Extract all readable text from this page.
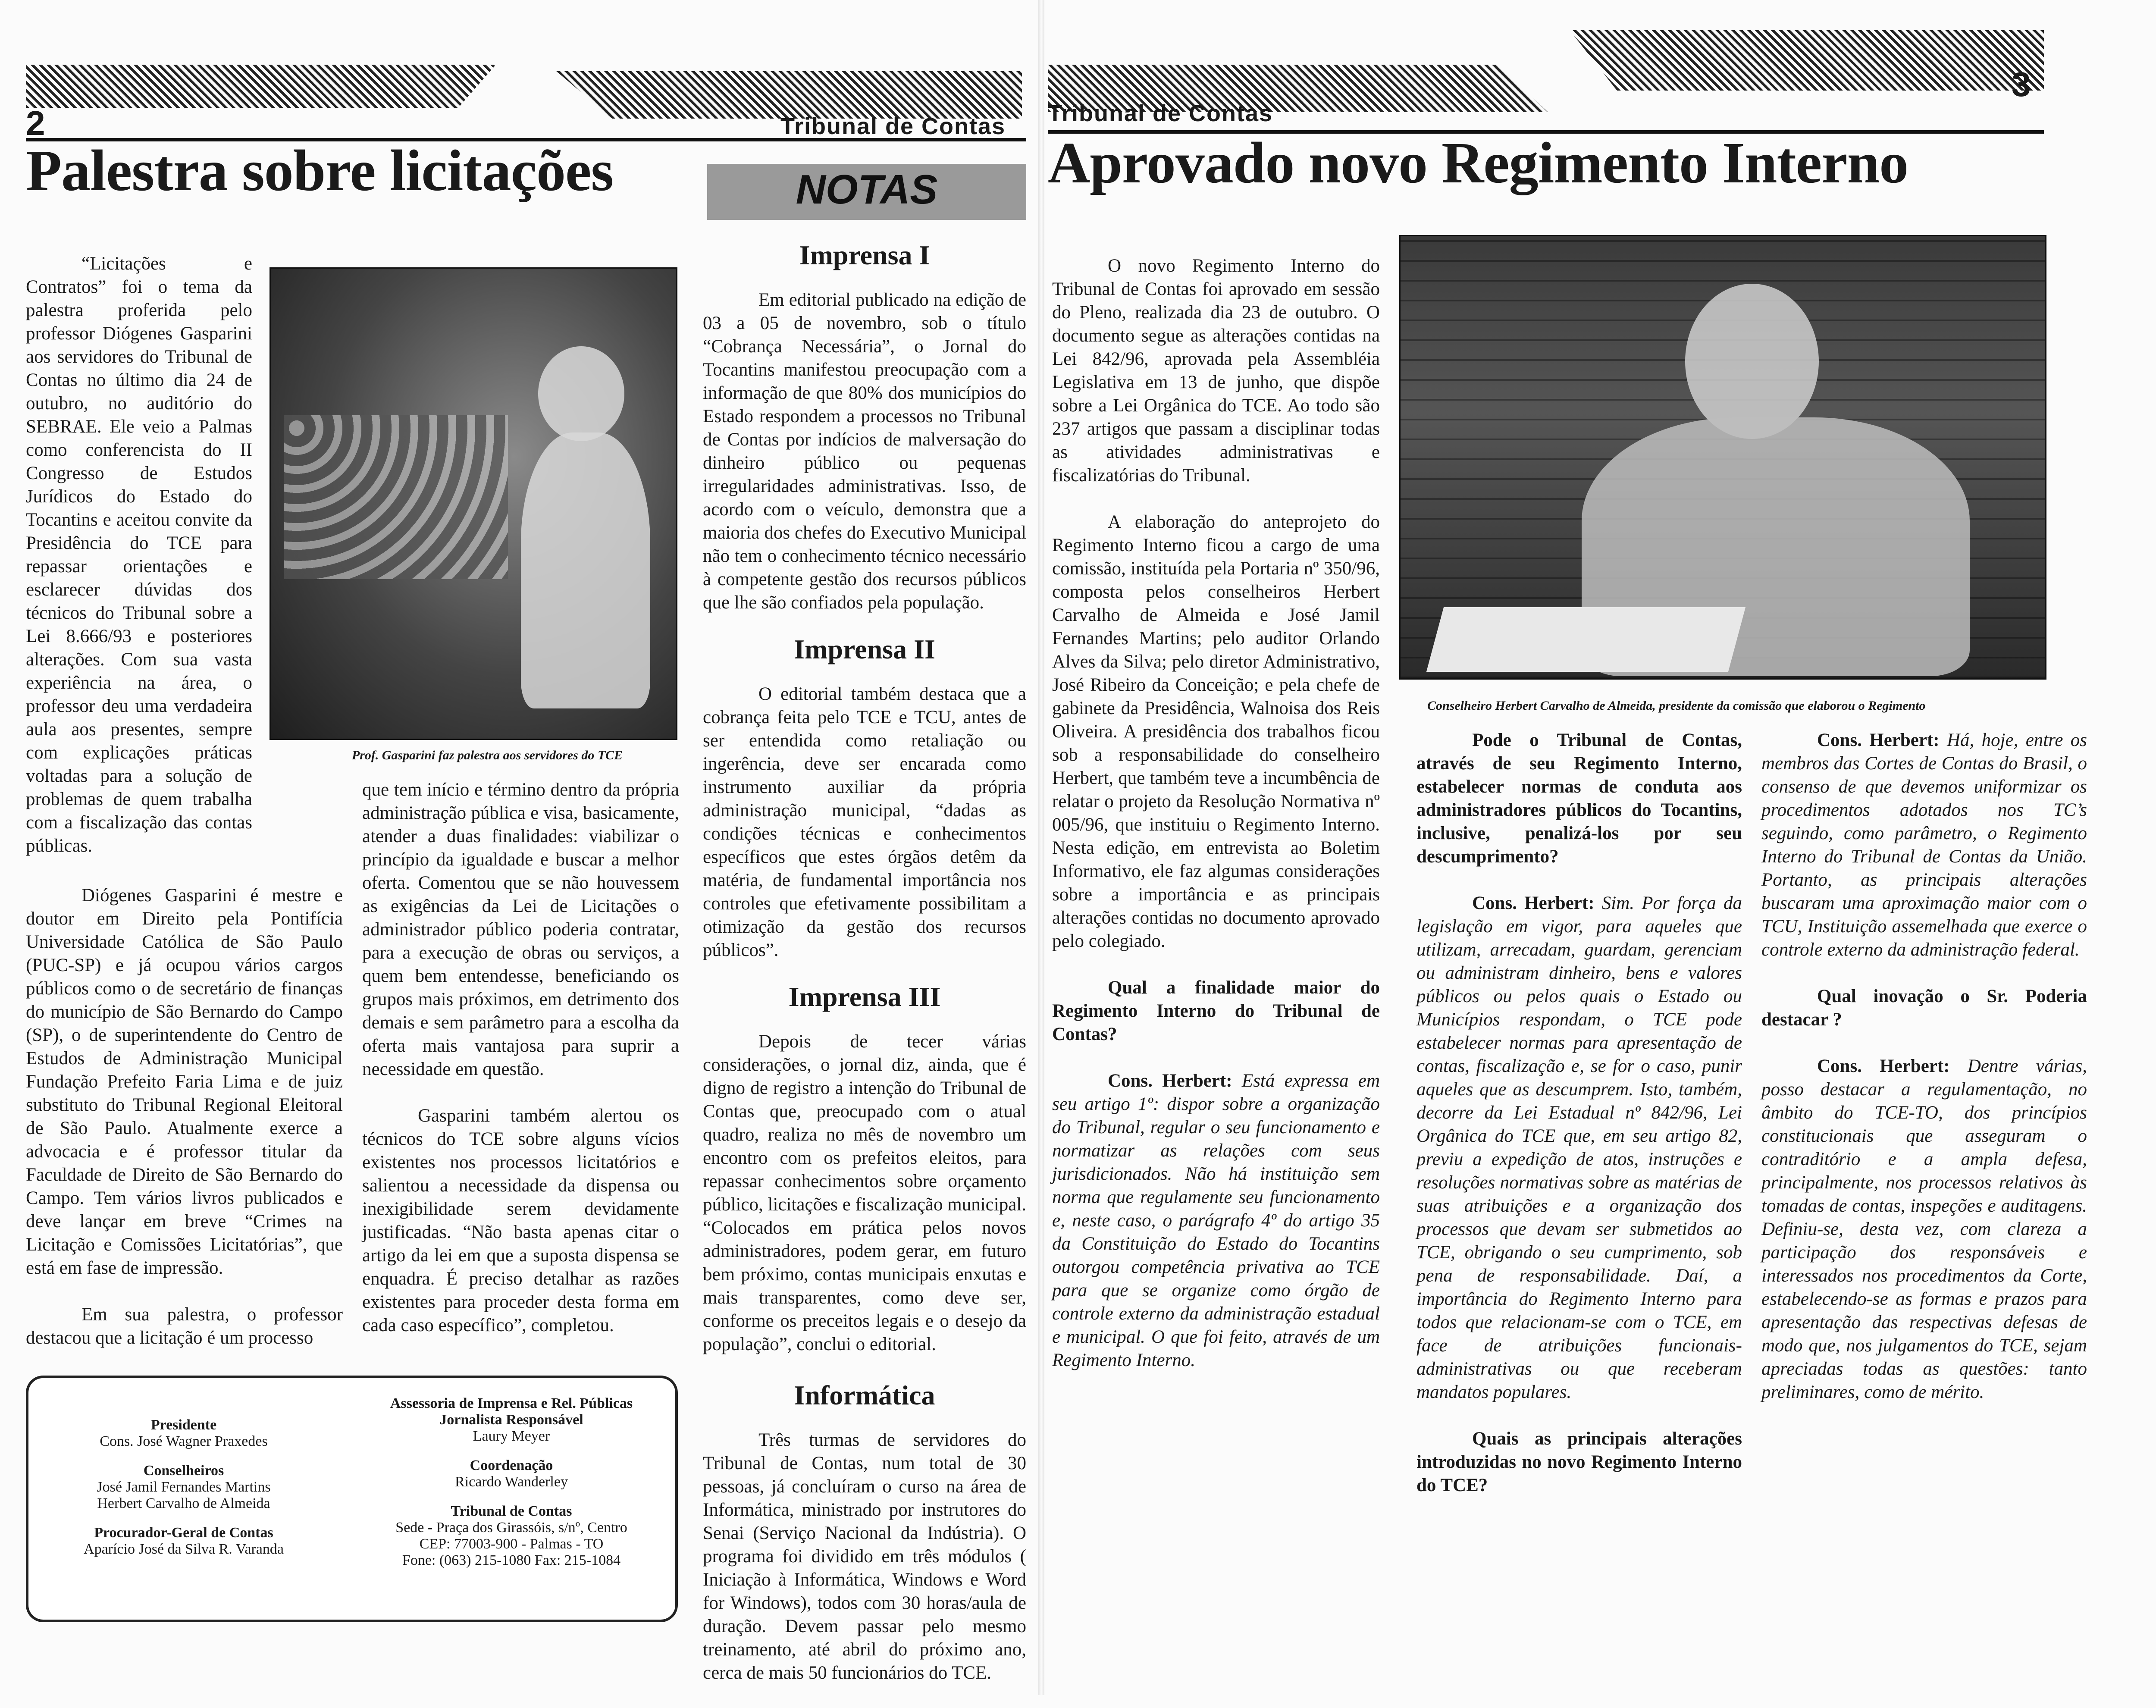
2	Tribunal de Contas
Palestra sobre licitações	NOTAS
Prof. Gasparini faz palestra aos servidores do TCE

“Licitações e Contratos” foi o tema da palestra proferida pelo professor Diógenes Gasparini aos servidores do Tribunal de Contas no último dia 24 de outubro, no auditório do SEBRAE. Ele veio a Palmas como conferencista do II Congresso de Estudos Jurídicos do Estado do Tocantins e aceitou convite da Presidência do TCE para repassar orientações e esclarecer dúvidas dos técnicos do Tribunal sobre a Lei 8.666/93 e posteriores alterações. Com sua vasta experiência na área, o professor deu uma verdadeira aula aos presentes, sempre com explicações práticas voltadas para a solução de problemas de quem trabalha com a fiscalização das contas públicas.

Diógenes Gasparini é mestre e doutor em Direito pela Pontifícia Universidade Católica de São Paulo (PUC-SP) e já ocupou vários cargos públicos como o de secretário de finanças do município de São Bernardo do Campo (SP), o de superintendente do Centro de Estudos de Administração Municipal Fundação Prefeito Faria Lima e de juiz substituto do Tribunal Regional Eleitoral de São Paulo. Atualmente exerce a advocacia e é professor titular da Faculdade de Direito de São Bernardo do Campo. Tem vários livros publicados e deve lançar em breve “Crimes na Licitação e Comissões Licitatórias”, que está em fase de impressão.

Em sua palestra, o professor destacou que a licitação é um processo

que tem início e término dentro da própria administração pública e visa, basicamente, atender a duas finalidades: viabilizar o princípio da igualdade e buscar a melhor oferta. Comentou que se não houvessem as exigências da Lei de Licitações o administrador público poderia contratar, para a execução de obras ou serviços, a quem bem entendesse, beneficiando os grupos mais próximos, em detrimento dos demais e sem parâmetro para a escolha da oferta mais vantajosa para suprir a necessidade em questão.

Gasparini também alertou os técnicos do TCE sobre alguns vícios existentes nos processos licitatórios e salientou a necessidade da dispensa ou inexigibilidade serem devidamente justificadas. “Não basta apenas citar o artigo da lei em que a suposta dispensa se enquadra. É preciso detalhar as razões existentes para proceder desta forma em cada caso específico”, completou.

Imprensa I

Em editorial publicado na edição de 03 a 05 de novembro, sob o título “Cobrança Necessária”, o Jornal do Tocantins manifestou preocupação com a informação de que 80% dos municípios do Estado respondem a processos no Tribunal de Contas por indícios de malversação do dinheiro público ou pequenas irregularidades administrativas. Isso, de acordo com o veículo, demonstra que a maioria dos chefes do Executivo Municipal não tem o conhecimento técnico necessário à competente gestão dos recursos públicos que lhe são confiados pela população.

Imprensa II

O editorial também destaca que a cobrança feita pelo TCE e TCU, antes de ser entendida como retaliação ou ingerência, deve ser encarada como instrumento auxiliar da própria administração municipal, “dadas as condições técnicas e conhecimentos específicos que estes órgãos detêm da matéria, de fundamental importância nos controles que efetivamente possibilitam a otimização da gestão dos recursos públicos”.

Imprensa III

Depois de tecer várias considerações, o jornal diz, ainda, que é digno de registro a intenção do Tribunal de Contas que, preocupado com o atual quadro, realiza no mês de novembro um encontro com os prefeitos eleitos, para repassar conhecimentos sobre orçamento público, licitações e fiscalização municipal. “Colocados em prática pelos novos administradores, podem gerar, em futuro bem próximo, contas municipais enxutas e mais transparentes, como deve ser, conforme os preceitos legais e o desejo da população”, conclui o editorial.

Informática

Três turmas de servidores do Tribunal de Contas, num total de 30 pessoas, já concluíram o curso na área de Informática, ministrado por instrutores do Senai (Serviço Nacional da Indústria). O programa foi dividido em três módulos ( Iniciação à Informática, Windows e Word for Windows), todos com 30 horas/aula de duração. Devem passar pelo mesmo treinamento, até abril do próximo ano, cerca de mais 50 funcionários do TCE.

Presidente
Cons. José Wagner Praxedes
Conselheiros
José Jamil Fernandes Martins
Herbert Carvalho de Almeida
Procurador-Geral de Contas
Aparício José da Silva R. Varanda
Assessoria de Imprensa e Rel. Públicas
Jornalista Responsável
Laury Meyer
Coordenação
Ricardo Wanderley
Tribunal de Contas
Sede - Praça dos Girassóis, s/nº, Centro
CEP: 77003-900 - Palmas - TO
Fone: (063) 215-1080 Fax: 215-1084
3
Tribunal de Contas
Aprovado novo Regimento Interno
Conselheiro Herbert Carvalho de Almeida, presidente da comissão que elaborou o Regimento

O novo Regimento Interno do Tribunal de Contas foi aprovado em sessão do Pleno, realizada dia 23 de outubro. O documento segue as alterações contidas na Lei 842/96, aprovada pela Assembléia Legislativa em 13 de junho, que dispõe sobre a Lei Orgânica do TCE. Ao todo são 237 artigos que passam a disciplinar todas as atividades administrativas e fiscalizatórias do Tribunal.

A elaboração do anteprojeto do Regimento Interno ficou a cargo de uma comissão, instituída pela Portaria nº 350/96, composta pelos conselheiros Herbert Carvalho de Almeida e José Jamil Fernandes Martins; pelo auditor Orlando Alves da Silva; pelo diretor Administrativo, José Ribeiro da Conceição; e pela chefe de gabinete da Presidência, Walnoisa dos Reis Oliveira. A presidência dos trabalhos ficou sob a responsabilidade do conselheiro Herbert, que também teve a incumbência de relatar o projeto da Resolução Normativa nº 005/96, que instituiu o Regimento Interno. Nesta edição, em entrevista ao Boletim Informativo, ele faz algumas considerações sobre a importância e as principais alterações contidas no documento aprovado pelo colegiado.

Qual a finalidade maior do Regimento Interno do Tribunal de Contas?

Cons. Herbert: Está expressa em seu artigo 1º: dispor sobre a organização do Tribunal, regular o seu funcionamento e normatizar as relações com seus jurisdicionados. Não há instituição sem norma que regulamente seu funcionamento e, neste caso, o parágrafo 4º do artigo 35 da Constituição do Estado do Tocantins outorgou competência privativa ao TCE para que se organize como órgão de controle externo da administração estadual e municipal. O que foi feito, através de um Regimento Interno.

Pode o Tribunal de Contas, através de seu Regimento Interno, estabelecer normas de conduta aos administradores públicos do Tocantins, inclusive, penalizá-los por seu descumprimento?

Cons. Herbert: Sim. Por força da legislação em vigor, para aqueles que utilizam, arrecadam, guardam, gerenciam ou administram dinheiro, bens e valores públicos ou pelos quais o Estado ou Municípios respondam, o TCE pode estabelecer normas para apresentação de contas, fiscalização e, se for o caso, punir aqueles que as descumprem. Isto, também, decorre da Lei Estadual nº 842/96, Lei Orgânica do TCE que, em seu artigo 82, previu a expedição de atos, instruções e resoluções normativas sobre as matérias de suas atribuições e a organização dos processos que devam ser submetidos ao TCE, obrigando o seu cumprimento, sob pena de responsabilidade. Daí, a importância do Regimento Interno para todos que relacionam-se com o TCE, em face de atribuições funcionais-administrativas ou que receberam mandatos populares.

Quais as principais alterações introduzidas no novo Regimento Interno do TCE?

Cons. Herbert: Há, hoje, entre os membros das Cortes de Contas do Brasil, o consenso de que devemos uniformizar os procedimentos adotados nos TC’s seguindo, como parâmetro, o Regimento Interno do Tribunal de Contas da União. Portanto, as principais alterações buscaram uma aproximação maior com o TCU, Instituição assemelhada que exerce o controle externo da administração federal.

Qual inovação o Sr. Poderia destacar ?

Cons. Herbert: Dentre várias, posso destacar a regulamentação, no âmbito do TCE-TO, dos princípios constitucionais que asseguram o contraditório e a ampla defesa, principalmente, nos processos relativos às tomadas de contas, inspeções e auditagens. Definiu-se, desta vez, com clareza a participação dos responsáveis e interessados nos procedimentos da Corte, estabelecendo-se as formas e prazos para apresentação das respectivas defesas de modo que, nos julgamentos do TCE, sejam apreciadas todas as questões: tanto preliminares, como de mérito.
